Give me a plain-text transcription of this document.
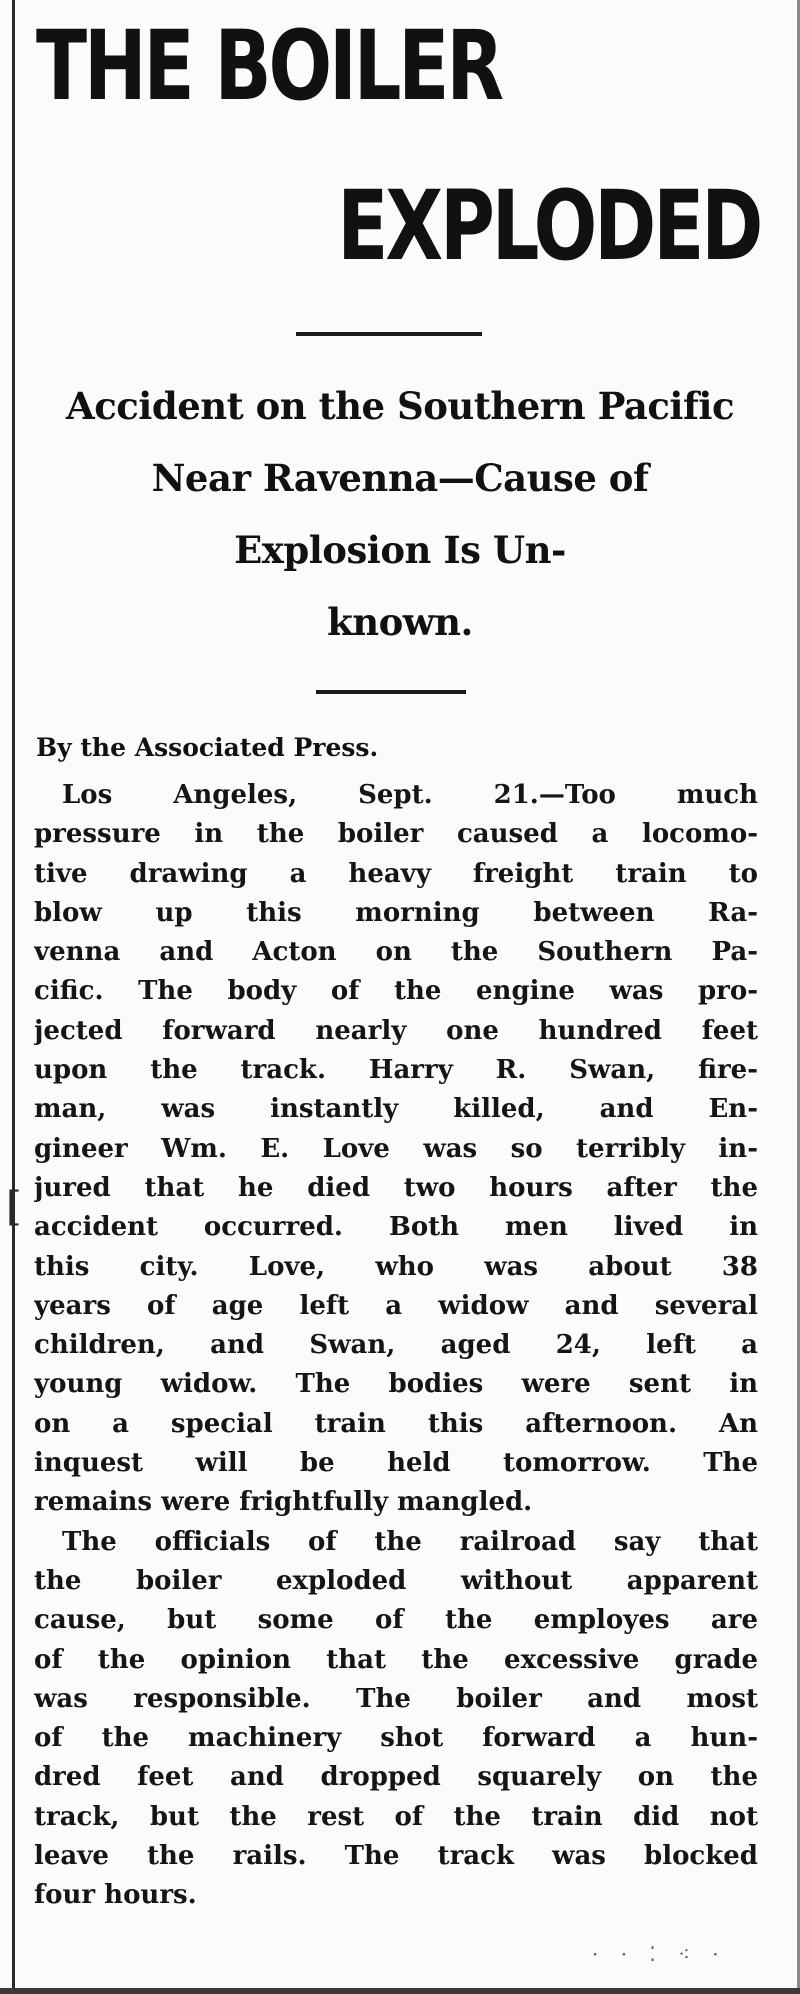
[
THE BOILER
EXPLODED
Accident on the Southern Pacific
Near Ravenna—Cause of
Explosion Is Un-
known.
By the Associated Press.
Los Angeles, Sept. 21.—Too much
pressure in the boiler caused a locomo-
tive drawing a heavy freight train to
blow up this morning between Ra-
venna and Acton on the Southern Pa-
cific. The body of the engine was pro-
jected forward nearly one hundred feet
upon the track. Harry R. Swan, fire-
man, was instantly killed, and En-
gineer Wm. E. Love was so terribly in-
jured that he died two hours after the
accident occurred. Both men lived in
this city. Love, who was about 38
years of age left a widow and several
children, and Swan, aged 24, left a
young widow. The bodies were sent in
on a special train this afternoon. An
inquest will be held tomorrow. The
remains were frightfully mangled.
The officials of the railroad say that
the boiler exploded without apparent
cause, but some of the employes are
of the opinion that the excessive grade
was responsible. The boiler and most
of the machinery shot forward a hun-
dred feet and dropped squarely on the
track, but the rest of the train did not
leave the rails. The track was blocked
four hours.
· · ⁚ ⁖ ·
